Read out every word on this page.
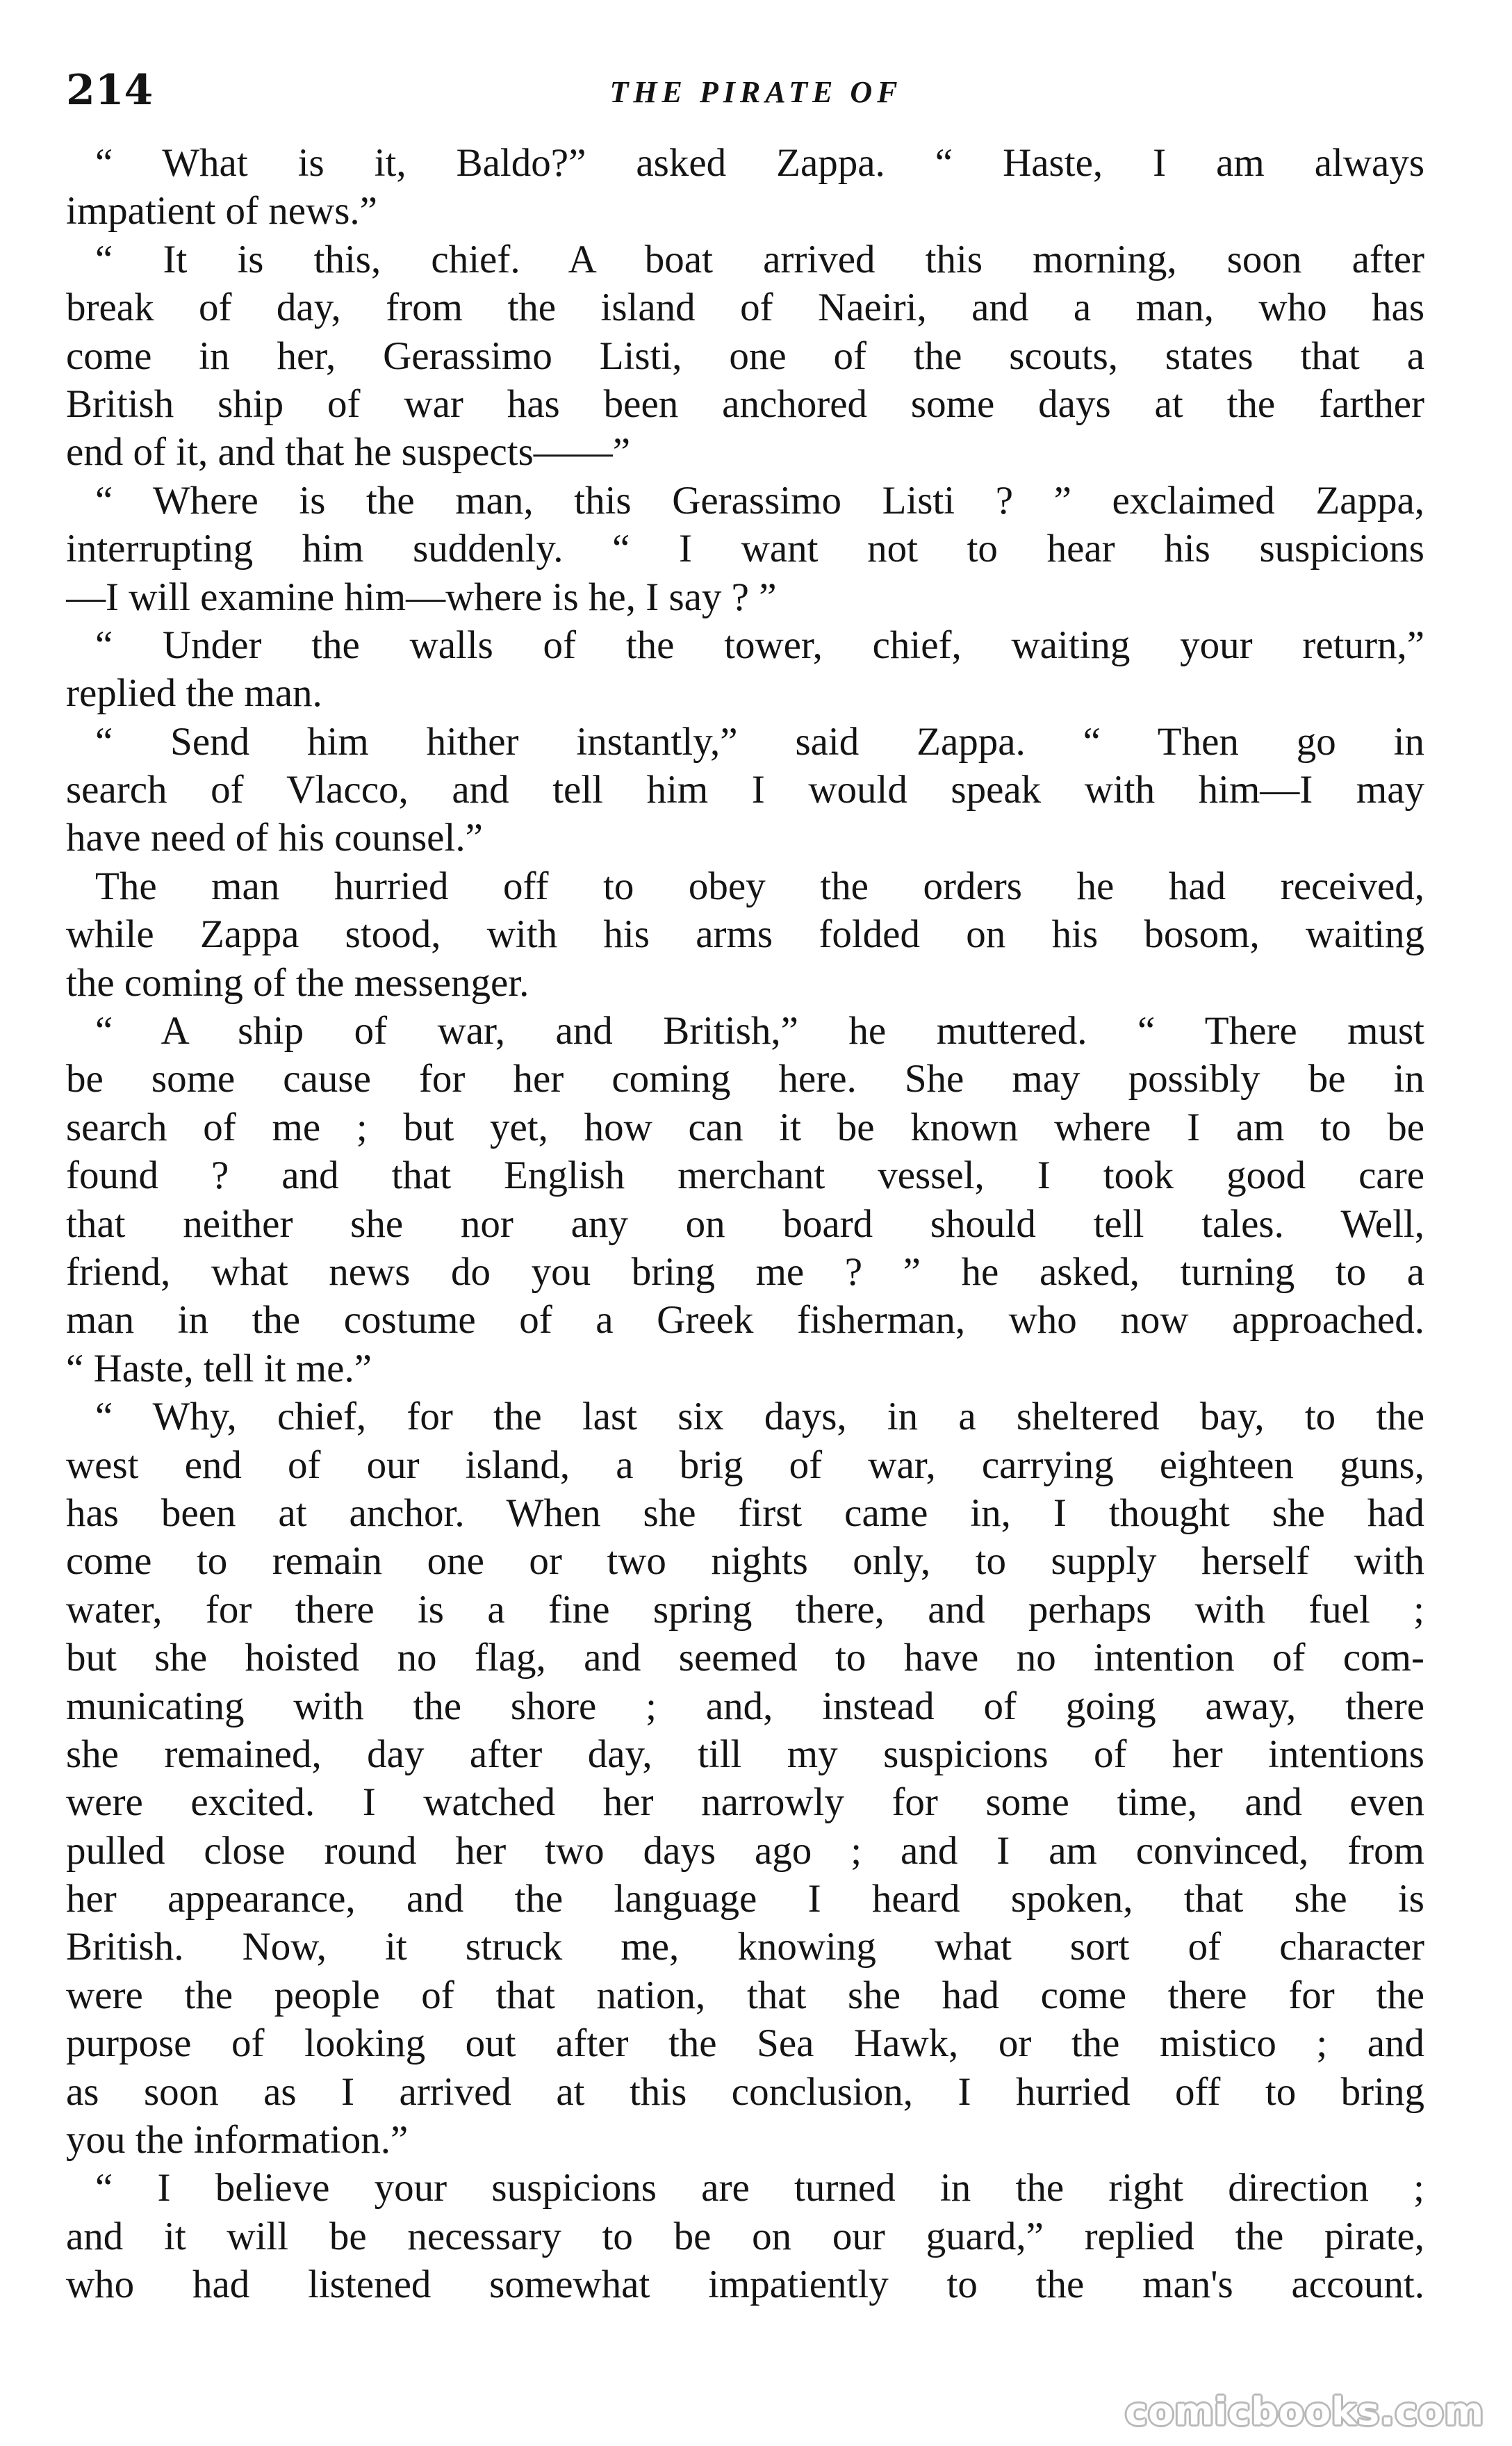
214	THE PIRATE OF
“ What is it, Baldo?” asked Zappa. “ Haste, I am always
impatient of news.”
“ It is this, chief. A boat arrived this morning, soon after
break of day, from the island of Naeiri, and a man, who has
come in her, Gerassimo Listi, one of the scouts, states that a
British ship of war has been anchored some days at the farther
end of it, and that he suspects——”
“ Where is the man, this Gerassimo Listi ? ” exclaimed Zappa,
interrupting him suddenly. “ I want not to hear his suspicions
—I will examine him—where is he, I say ? ”
“ Under the walls of the tower, chief, waiting your return,”
replied the man.
“ Send him hither instantly,” said Zappa. “ Then go in
search of Vlacco, and tell him I would speak with him—I may
have need of his counsel.”
The man hurried off to obey the orders he had received,
while Zappa stood, with his arms folded on his bosom, waiting
the coming of the messenger.
“ A ship of war, and British,” he muttered. “ There must
be some cause for her coming here. She may possibly be in
search of me ; but yet, how can it be known where I am to be
found ? and that English merchant vessel, I took good care
that neither she nor any on board should tell tales. Well,
friend, what news do you bring me ? ” he asked, turning to a
man in the costume of a Greek fisherman, who now approached.
“ Haste, tell it me.”
“ Why, chief, for the last six days, in a sheltered bay, to the
west end of our island, a brig of war, carrying eighteen guns,
has been at anchor. When she first came in, I thought she had
come to remain one or two nights only, to supply herself with
water, for there is a fine spring there, and perhaps with fuel ;
but she hoisted no flag, and seemed to have no intention of com-
municating with the shore ; and, instead of going away, there
she remained, day after day, till my suspicions of her intentions
were excited. I watched her narrowly for some time, and even
pulled close round her two days ago ; and I am convinced, from
her appearance, and the language I heard spoken, that she is
British. Now, it struck me, knowing what sort of character
were the people of that nation, that she had come there for the
purpose of looking out after the Sea Hawk, or the mistico ; and
as soon as I arrived at this conclusion, I hurried off to bring
you the information.”
“ I believe your suspicions are turned in the right direction ;
and it will be necessary to be on our guard,” replied the pirate,
who had listened somewhat impatiently to the man's account.
comicbooks.com
